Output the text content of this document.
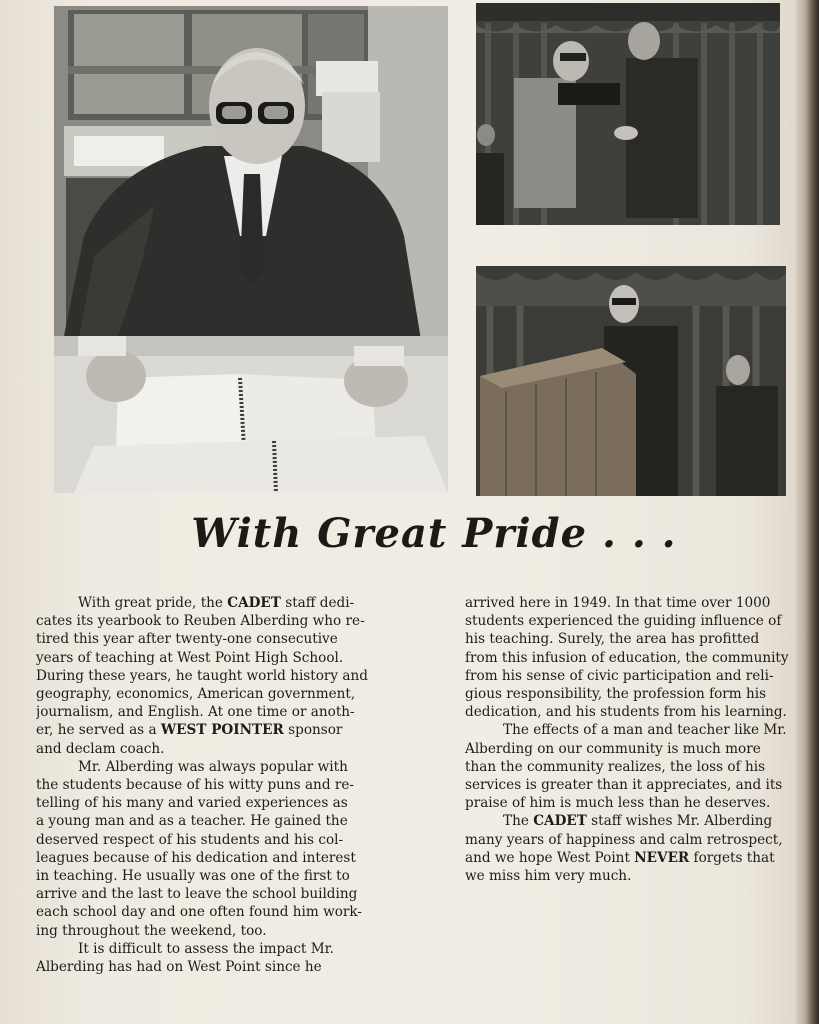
With Great Pride . . .

With great pride, the CADET staff dedi-
cates its yearbook to Reuben Alberding who re-
tired this year after twenty-one consecutive
years of teaching at West Point High School.
During these years, he taught world history and
geography, economics, American government,
journalism, and English. At one time or anoth-
er, he served as a WEST POINTER sponsor
and declam coach.

Mr. Alberding was always popular with
the students because of his witty puns and re-
telling of his many and varied experiences as
a young man and as a teacher. He gained the
deserved respect of his students and his col-
leagues because of his dedication and interest
in teaching. He usually was one of the first to
arrive and the last to leave the school building
each school day and one often found him work-
ing throughout the weekend, too.

It is difficult to assess the impact Mr.
Alberding has had on West Point since he

arrived here in 1949. In that time over 1000
students experienced the guiding influence of
his teaching. Surely, the area has profitted
from this infusion of education, the community
from his sense of civic participation and reli-
gious responsibility, the profession form his
dedication, and his students from his learning.

The effects of a man and teacher like Mr.
Alberding on our community is much more
than the community realizes, the loss of his
services is greater than it appreciates, and its
praise of him is much less than he deserves.

The CADET staff wishes Mr. Alberding
many years of happiness and calm retrospect,
and we hope West Point NEVER forgets that
we miss him very much.
